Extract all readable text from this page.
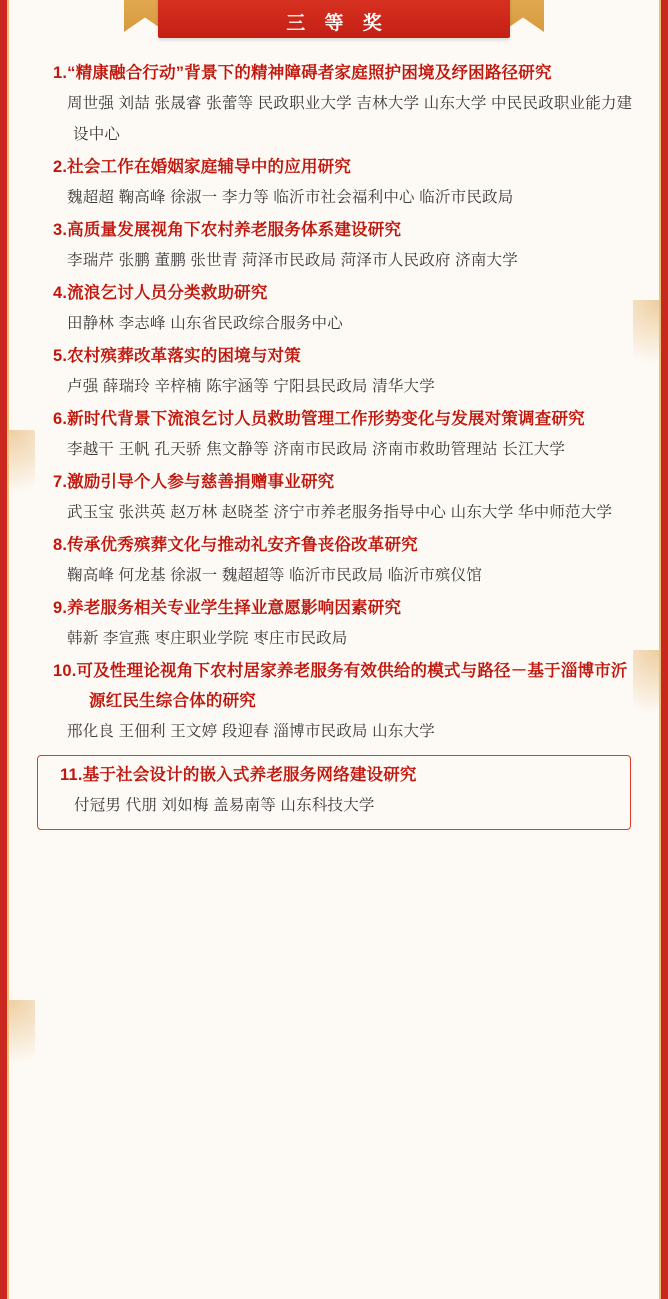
三 等 奖

1.“精康融合行动”背景下的精神障碍者家庭照护困境及纾困路径研究

周世强 刘喆 张晟睿 张蕾等 民政职业大学 吉林大学 山东大学 中民民政职业能力建设中心

2.社会工作在婚姻家庭辅导中的应用研究

魏超超 鞠高峰 徐淑一 李力等 临沂市社会福利中心 临沂市民政局

3.高质量发展视角下农村养老服务体系建设研究

李瑞芹 张鹏 董鹏 张世青 菏泽市民政局 菏泽市人民政府 济南大学

4.流浪乞讨人员分类救助研究

田静林 李志峰 山东省民政综合服务中心

5.农村殡葬改革落实的困境与对策

卢强 薛瑞玲 辛梓楠 陈宇涵等 宁阳县民政局 清华大学

6.新时代背景下流浪乞讨人员救助管理工作形势变化与发展对策调查研究

李越干 王帆 孔天骄 焦文静等 济南市民政局 济南市救助管理站 长江大学

7.激励引导个人参与慈善捐赠事业研究

武玉宝 张洪英 赵万林 赵晓荃 济宁市养老服务指导中心 山东大学 华中师范大学

8.传承优秀殡葬文化与推动礼安齐鲁丧俗改革研究

鞠高峰 何龙基 徐淑一 魏超超等 临沂市民政局 临沂市殡仪馆

9.养老服务相关专业学生择业意愿影响因素研究

韩新 李宣燕 枣庄职业学院 枣庄市民政局

10.可及性理论视角下农村居家养老服务有效供给的模式与路径－基于淄博市沂源红民生综合体的研究

邢化良 王佃利 王文婷 段迎春 淄博市民政局 山东大学

11.基于社会设计的嵌入式养老服务网络建设研究

付冠男 代朋 刘如梅 盖易南等 山东科技大学
